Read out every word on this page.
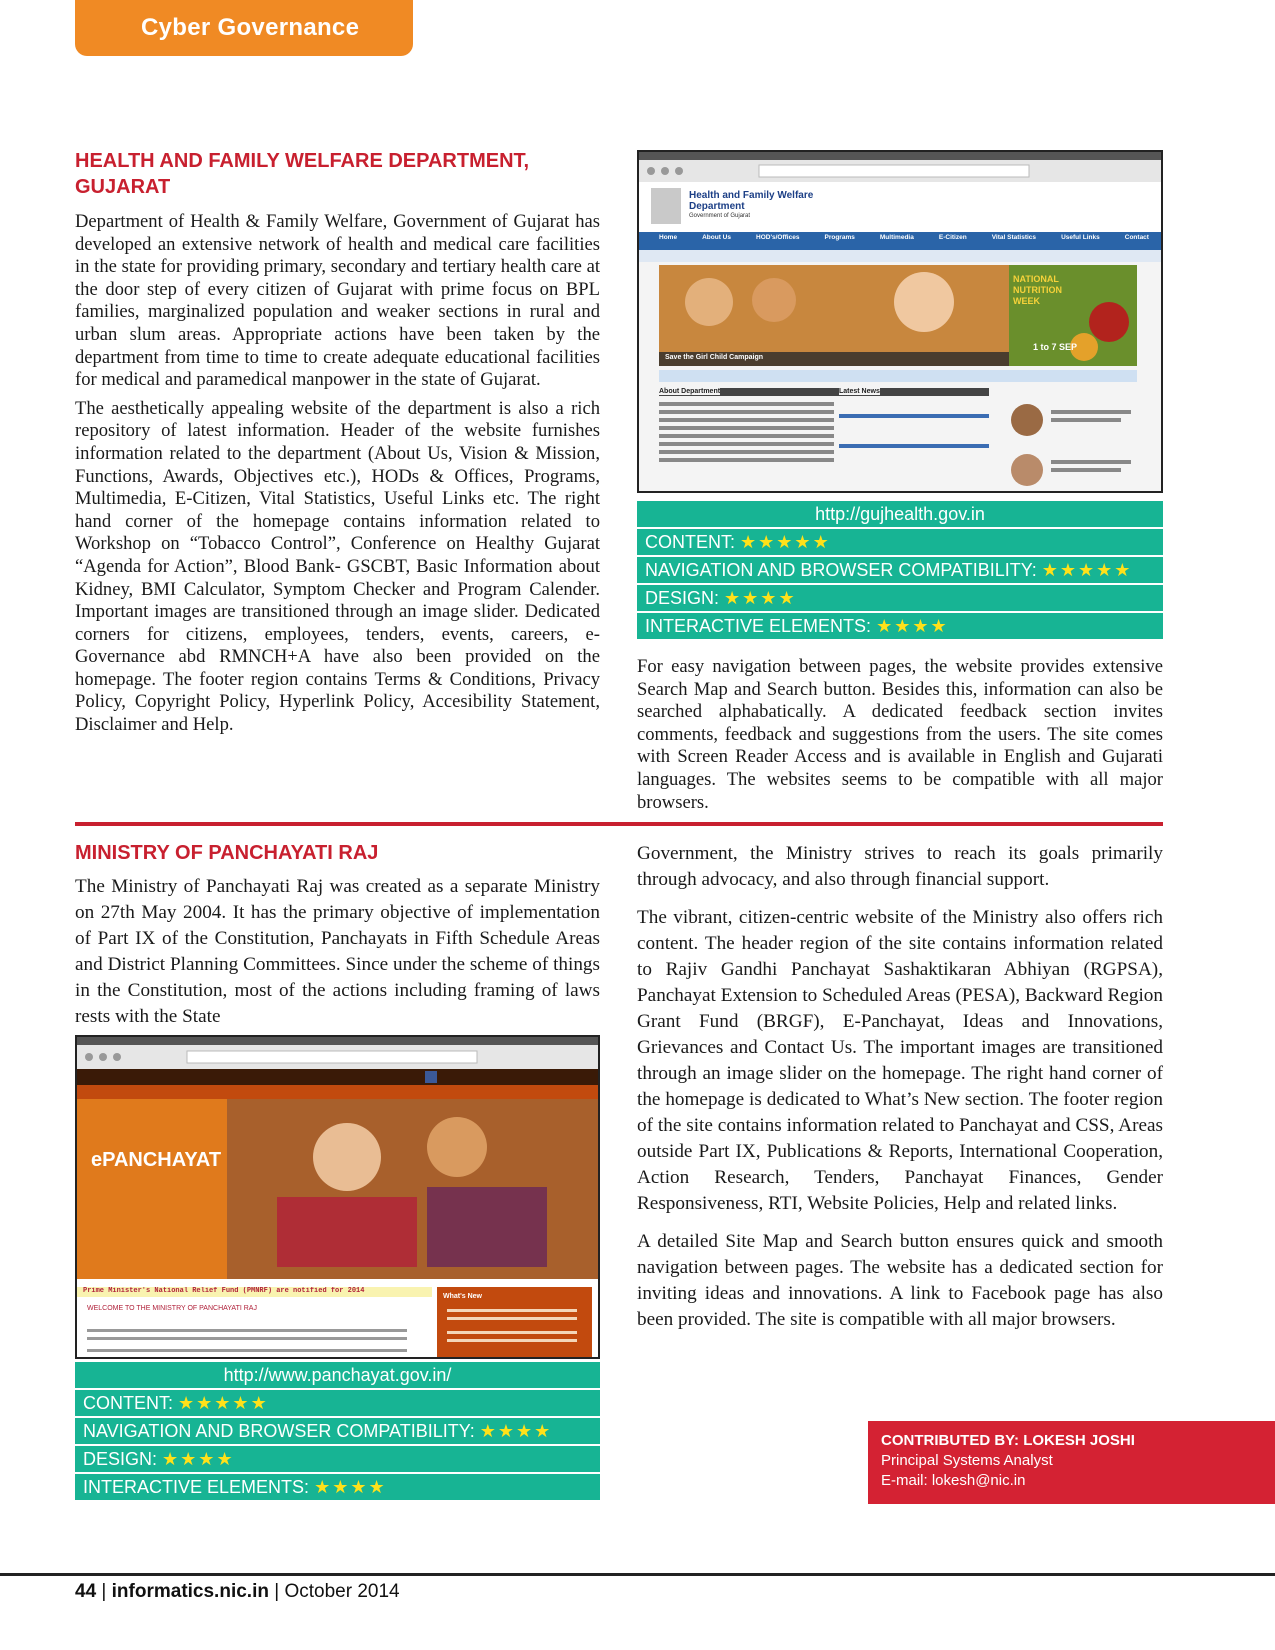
Cyber Governance
HEALTH AND FAMILY WELFARE DEPARTMENT, GUJARAT

Department of Health & Family Welfare, Government of Gujarat has developed an extensive network of health and medical care facilities in the state for providing primary, secondary and tertiary health care at the door step of every citizen of Gujarat with prime focus on BPL families, marginalized population and weaker sections in rural and urban slum areas. Appropriate actions have been taken by the department from time to time to create adequate educational facilities for medical and paramedical manpower in the state of Gujarat.

The aesthetically appealing website of the department is also a rich repository of latest information. Header of the website furnishes information related to the department (About Us, Vision & Mission, Functions, Awards, Objectives etc.), HODs & Offices, Programs, Multimedia, E-Citizen, Vital Statistics, Useful Links etc. The right hand corner of the homepage contains information related to Workshop on “Tobacco Control”, Conference on Healthy Gujarat “Agenda for Action”, Blood Bank- GSCBT, Basic Information about Kidney, BMI Calculator, Symptom Checker and Program Calender. Important images are transitioned through an image slider. Dedicated corners for citizens, employees, tenders, events, careers, e-Governance abd RMNCH+A have also been provided on the homepage. The footer region contains Terms & Conditions, Privacy Policy, Copyright Policy, Hyperlink Policy, Accesibility Statement, Disclaimer and Help.

Health and Family Welfare Department
Government of Gujarat
Home	About Us	HOD's/Offices	Programs	Multimedia	E-Citizen	Vital Statistics	Useful Links	Contact
Save the Girl Child Campaign
NATIONAL NUTRITION WEEK
1 to 7 SEP
About Department	Latest News
http://gujhealth.gov.in
CONTENT: ★★★★★
NAVIGATION AND BROWSER COMPATIBILITY: ★★★★★
DESIGN: ★★★★
INTERACTIVE ELEMENTS: ★★★★

For easy navigation between pages, the website provides extensive Search Map and Search button. Besides this, information can also be searched alphabatically. A dedicated feedback section invites comments, feedback and suggestions from the users. The site comes with Screen Reader Access and is available in English and Gujarati languages. The websites seems to be compatible with all major browsers.

MINISTRY OF PANCHAYATI RAJ

The Ministry of Panchayati Raj was created as a separate Ministry on 27th May 2004. It has the primary objective of implementation of Part IX of the Constitution, Panchayats in Fifth Schedule Areas and District Planning Committees. Since under the scheme of things in the Constitution, most of the actions including framing of laws rests with the State

ePANCHAYAT
Prime Minister's National Relief Fund (PMNRF) are notified for 2014
WELCOME TO THE MINISTRY OF PANCHAYATI RAJ
What's New
http://www.panchayat.gov.in/
CONTENT: ★★★★★
NAVIGATION AND BROWSER COMPATIBILITY: ★★★★
DESIGN: ★★★★
INTERACTIVE ELEMENTS: ★★★★

Government, the Ministry strives to reach its goals primarily through advocacy, and also through financial support.

The vibrant, citizen-centric website of the Ministry also offers rich content. The header region of the site contains information related to Rajiv Gandhi Panchayat Sashaktikaran Abhiyan (RGPSA), Panchayat Extension to Scheduled Areas (PESA), Backward Region Grant Fund (BRGF), E-Panchayat, Ideas and Innovations, Grievances and Contact Us. The important images are transitioned through an image slider on the homepage. The right hand corner of the homepage is dedicated to What’s New section. The footer region of the site contains information related to Panchayat and CSS, Areas outside Part IX, Publications & Reports, International Cooperation, Action Research, Tenders, Panchayat Finances, Gender Responsiveness, RTI, Website Policies, Help and related links.

A detailed Site Map and Search button ensures quick and smooth navigation between pages. The website has a dedicated section for inviting ideas and innovations. A link to Facebook page has also been provided. The site is compatible with all major browsers.

CONTRIBUTED BY: LOKESH JOSHI
Principal Systems Analyst
E-mail: lokesh@nic.in
44 | informatics.nic.in | October 2014
